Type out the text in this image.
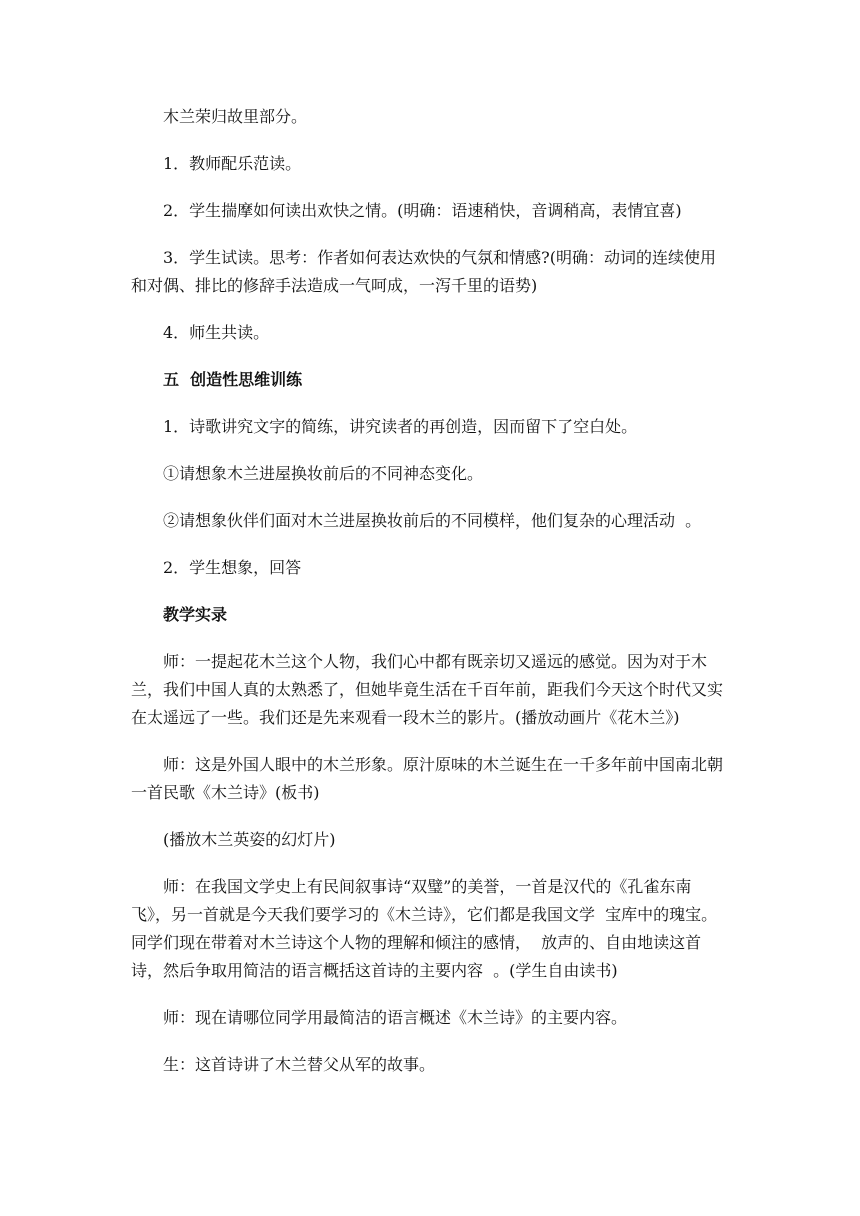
木兰荣归故里部分。

1．教师配乐范读。

2．学生揣摩如何读出欢快之情。(明确：语速稍快，音调稍高，表情宜喜)

3．学生试读。思考：作者如何表达欢快的气氛和情感?(明确：动词的连续使用和对偶、排比的修辞手法造成一气呵成，一泻千里的语势)

4．师生共读。

五  创造性思维训练

1．诗歌讲究文字的简练，讲究读者的再创造，因而留下了空白处。

①请想象木兰进屋换妆前后的不同神态变化。

②请想象伙伴们面对木兰进屋换妆前后的不同模样，他们复杂的心理活动  。

2．学生想象，回答

教学实录

师：一提起花木兰这个人物，我们心中都有既亲切又遥远的感觉。因为对于木兰，我们中国人真的太熟悉了，但她毕竟生活在千百年前，距我们今天这个时代又实在太遥远了一些。我们还是先来观看一段木兰的影片。(播放动画片《花木兰》)

师：这是外国人眼中的木兰形象。原汁原味的木兰诞生在一千多年前中国南北朝一首民歌《木兰诗》(板书)

(播放木兰英姿的幻灯片)

师：在我国文学史上有民间叙事诗“双璧”的美誉，一首是汉代的《孔雀东南飞》，另一首就是今天我们要学习的《木兰诗》，它们都是我国文学  宝库中的瑰宝。同学们现在带着对木兰诗这个人物的理解和倾注的感情，  放声的、自由地读这首诗，然后争取用简洁的语言概括这首诗的主要内容  。(学生自由读书)

师：现在请哪位同学用最简洁的语言概述《木兰诗》的主要内容。

生：这首诗讲了木兰替父从军的故事。
